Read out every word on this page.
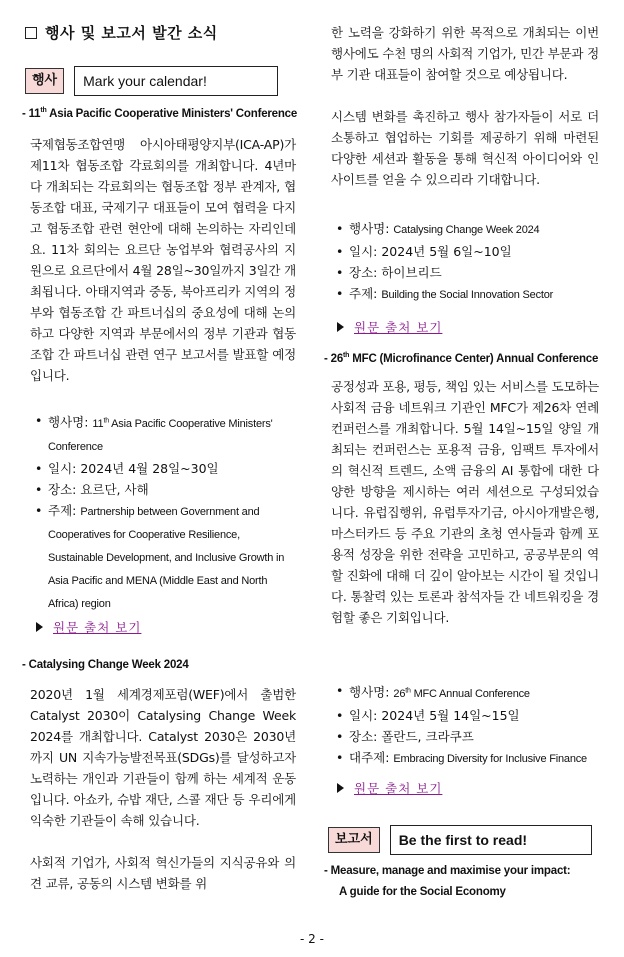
행사 및 보고서 발간 소식
행사	Mark your calendar!
- 11th Asia Pacific Cooperative Ministers' Conference
국제협동조합연맹 아시아태평양지부(ICA-AP)가 제11차 협동조합 각료회의를 개최합니다. 4년마다 개최되는 각료회의는 협동조합 정부 관계자, 협동조합 대표, 국제기구 대표들이 모여 협력을 다지고 협동조합 관련 현안에 대해 논의하는 자리인데요. 11차 회의는 요르단 농업부와 협력공사의 지원으로 요르단에서 4월 28일~30일까지 3일간 개최됩니다. 아태지역과 중동, 북아프리카 지역의 정부와 협동조합 간 파트너십의 중요성에 대해 논의하고 다양한 지역과 부문에서의 정부 기관과 협동조합 간 파트너십 관련 연구 보고서를 발표할 예정입니다.
• 행사명: 11th Asia Pacific Cooperative Ministers' Conference
• 일시: 2024년 4월 28일~30일
• 장소: 요르단, 사해
• 주제: Partnership between Government and Cooperatives for Cooperative Resilience, Sustainable Development, and Inclusive Growth in Asia Pacific and MENA (Middle East and North Africa) region
원문 출처 보기
- Catalysing Change Week 2024
2020년 1월 세계경제포럼(WEF)에서 출범한 Catalyst 2030이 Catalysing Change Week 2024를 개최합니다. Catalyst 2030은 2030년까지 UN 지속가능발전목표(SDGs)를 달성하고자 노력하는 개인과 기관들이 함께 하는 세계적 운동입니다. 아쇼카, 슈밥 재단, 스콜 재단 등 우리에게 익숙한 기관들이 속해 있습니다.
사회적 기업가, 사회적 혁신가들의 지식공유와 의견 교류, 공동의 시스템 변화를 위
한 노력을 강화하기 위한 목적으로 개최되는 이번 행사에도 수천 명의 사회적 기업가, 민간 부문과 정부 기관 대표들이 참여할 것으로 예상됩니다.
시스템 변화를 촉진하고 행사 참가자들이 서로 더 소통하고 협업하는 기회를 제공하기 위해 마련된 다양한 세션과 활동을 통해 혁신적 아이디어와 인사이트를 얻을 수 있으리라 기대합니다.
• 행사명: Catalysing Change Week 2024
• 일시: 2024년 5월 6일~10일
• 장소: 하이브리드
• 주제: Building the Social Innovation Sector
원문 출처 보기
- 26th MFC (Microfinance Center) Annual Conference
공정성과 포용, 평등, 책임 있는 서비스를 도모하는 사회적 금융 네트워크 기관인 MFC가 제26차 연례 컨퍼런스를 개최합니다. 5월 14일~15일 양일 개최되는 컨퍼런스는 포용적 금융, 임팩트 투자에서의 혁신적 트렌드, 소액 금융의 AI 통합에 대한 다양한 방향을 제시하는 여러 세션으로 구성되었습니다. 유럽집행위, 유럽투자기금, 아시아개발은행, 마스터카드 등 주요 기관의 초청 연사들과 함께 포용적 성장을 위한 전략을 고민하고, 공공부문의 역할 진화에 대해 더 깊이 알아보는 시간이 될 것입니다. 통찰력 있는 토론과 참석자들 간 네트워킹을 경험할 좋은 기회입니다.
• 행사명: 26th MFC Annual Conference
• 일시: 2024년 5월 14일~15일
• 장소: 폴란드, 크라쿠프
• 대주제: Embracing Diversity for Inclusive Finance
원문 출처 보기
보고서	Be the first to read!
- Measure, manage and maximise your impact:
A guide for the Social Economy
- 2 -
